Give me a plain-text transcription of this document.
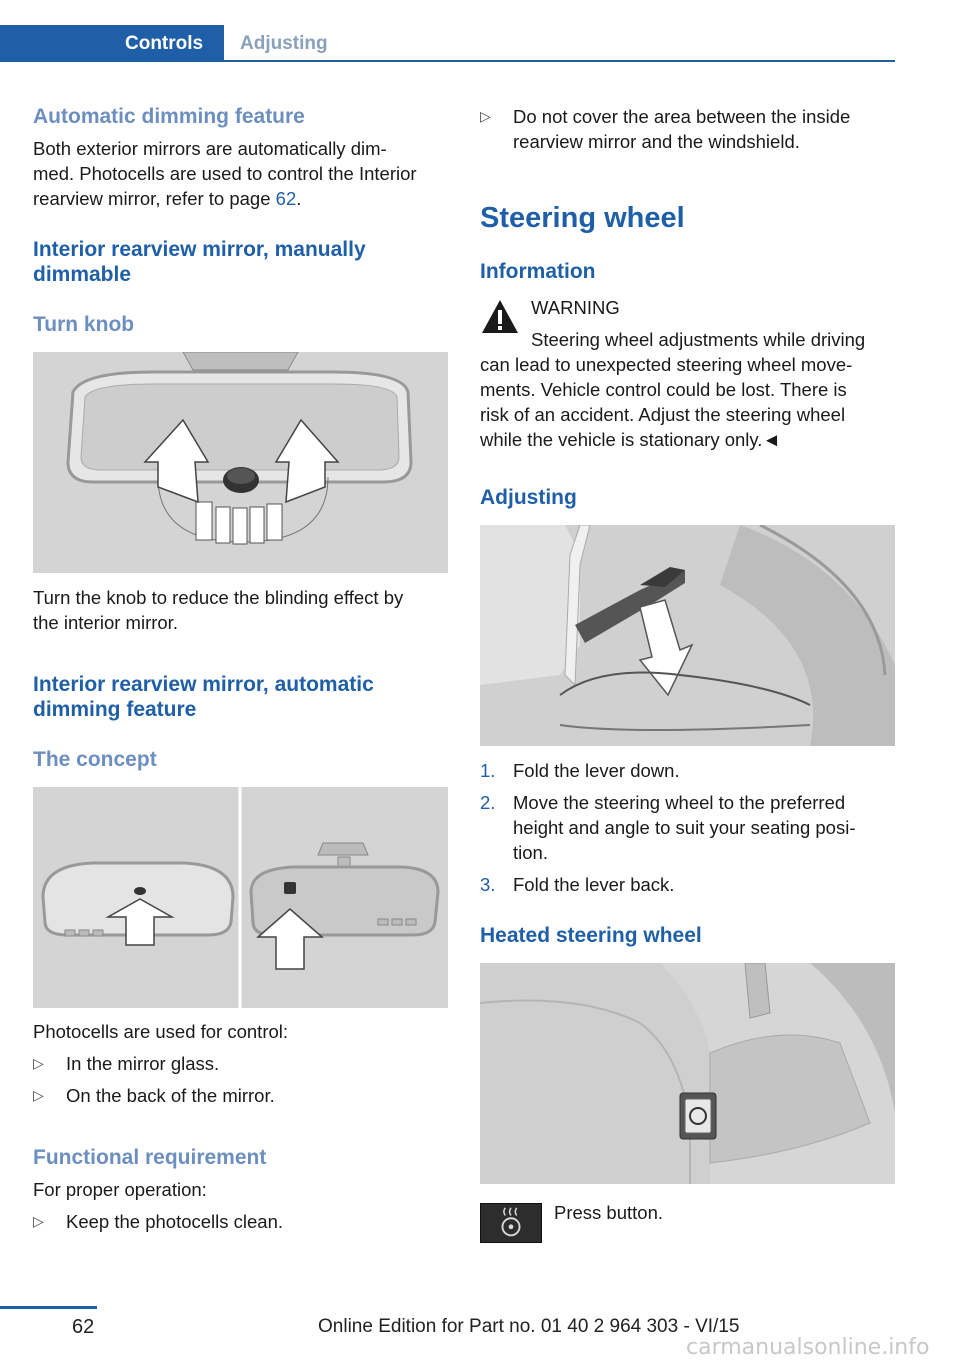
Controls	Adjusting
Automatic dimming feature

Both exterior mirrors are automatically dim-

med. Photocells are used to control the Interior

rearview mirror, refer to page 62.

Interior rearview mirror, manually
dimmable
Turn knob

Turn the knob to reduce the blinding effect by

the interior mirror.

Interior rearview mirror, automatic
dimming feature
The concept

Photocells are used for control:

▷	In the mirror glass.
▷	On the back of the mirror.
Functional requirement

For proper operation:

▷	Keep the photocells clean.
▷	Do not cover the area between the inside
rearview mirror and the windshield.
Steering wheel
Information

WARNING

Steering wheel adjustments while driving

can lead to unexpected steering wheel move-

ments. Vehicle control could be lost. There is

risk of an accident. Adjust the steering wheel

while the vehicle is stationary only.◄

Adjusting
1. Fold the lever down.
2. Move the steering wheel to the preferred
height and angle to suit your seating posi-
tion.
3. Fold the lever back.
Heated steering wheel

Press button.

62	Online Edition for Part no. 01 40 2 964 303 - VI/15
carmanualsonline.info
